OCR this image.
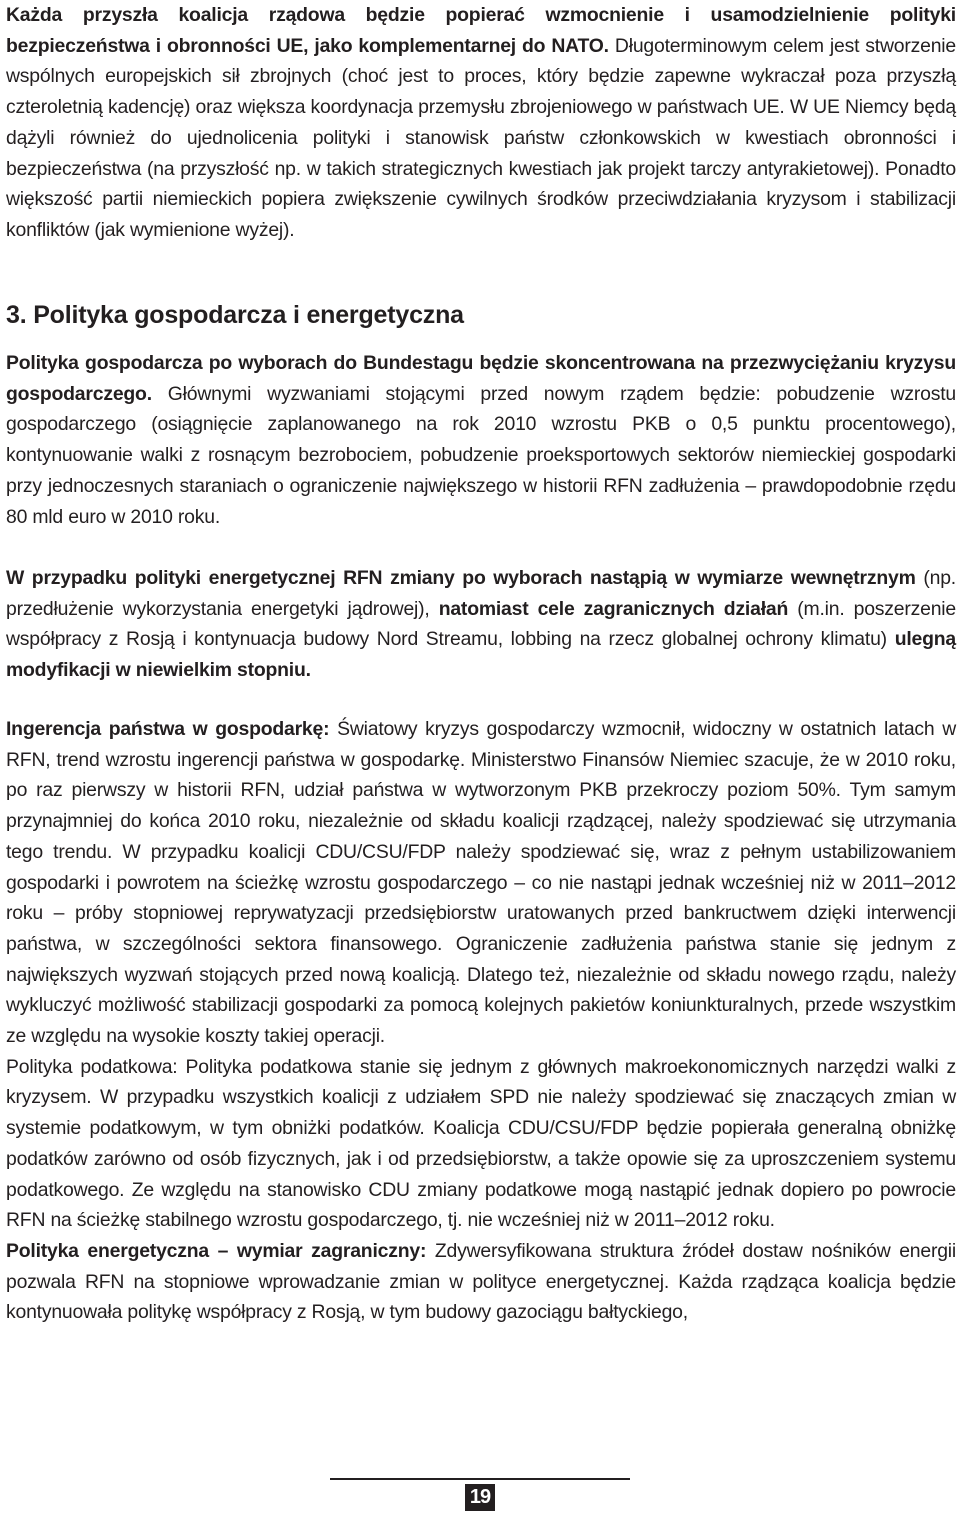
Każda przyszła koalicja rządowa będzie popierać wzmocnienie i usamodzielnienie polityki bezpieczeństwa i obronności UE, jako komplementarnej do NATO. Długoterminowym celem jest stworzenie wspólnych europejskich sił zbrojnych (choć jest to proces, który będzie zapewne wykraczał poza przyszłą czteroletnią kadencję) oraz większa koordynacja przemysłu zbrojeniowego w państwach UE. W UE Niemcy będą dążyli również do ujednolicenia polityki i stanowisk państw członkowskich w kwestiach obronności i bezpieczeństwa (na przyszłość np. w takich strategicznych kwestiach jak projekt tarczy antyrakietowej). Ponadto większość partii niemieckich popiera zwiększenie cywilnych środków przeciwdziałania kryzysom i stabilizacji konfliktów (jak wymienione wyżej).

3. Polityka gospodarcza i energetyczna

Polityka gospodarcza po wyborach do Bundestagu będzie skoncentrowana na przezwyciężaniu kryzysu gospodarczego. Głównymi wyzwaniami stojącymi przed nowym rządem będzie: pobudzenie wzrostu gospodarczego (osiągnięcie zaplanowanego na rok 2010 wzrostu PKB o 0,5 punktu procentowego), kontynuowanie walki z rosnącym bezrobociem, pobudzenie proeksportowych sektorów niemieckiej gospodarki przy jednoczesnych staraniach o ograniczenie największego w historii RFN zadłużenia – prawdopodobnie rzędu 80 mld euro w 2010 roku.

W przypadku polityki energetycznej RFN zmiany po wyborach nastąpią w wymiarze wewnętrznym (np. przedłużenie wykorzystania energetyki jądrowej), natomiast cele zagranicznych działań (m.in. poszerzenie współpracy z Rosją i kontynuacja budowy Nord Streamu, lobbing na rzecz globalnej ochrony klimatu) ulegną modyfikacji w niewielkim stopniu.

Ingerencja państwa w gospodarkę: Światowy kryzys gospodarczy wzmocnił, widoczny w ostatnich latach w RFN, trend wzrostu ingerencji państwa w gospodarkę. Ministerstwo Finansów Niemiec szacuje, że w 2010 roku, po raz pierwszy w historii RFN, udział państwa w wytworzonym PKB przekroczy poziom 50%. Tym samym przynajmniej do końca 2010 roku, niezależnie od składu koalicji rządzącej, należy spodziewać się utrzymania tego trendu. W przypadku koalicji CDU/CSU/FDP należy spodziewać się, wraz z pełnym ustabilizowaniem gospodarki i powrotem na ścieżkę wzrostu gospodarczego – co nie nastąpi jednak wcześniej niż w 2011–2012 roku – próby stopniowej reprywatyzacji przedsiębiorstw uratowanych przed bankructwem dzięki interwencji państwa, w szczególności sektora finansowego. Ograniczenie zadłużenia państwa stanie się jednym z największych wyzwań stojących przed nową koalicją. Dlatego też, niezależnie od składu nowego rządu, należy wykluczyć możliwość stabilizacji gospodarki za pomocą kolejnych pakietów koniunkturalnych, przede wszystkim ze względu na wysokie koszty takiej operacji.

Polityka podatkowa: Polityka podatkowa stanie się jednym z głównych makroekonomicznych narzędzi walki z kryzysem. W przypadku wszystkich koalicji z udziałem SPD nie należy spodziewać się znaczących zmian w systemie podatkowym, w tym obniżki podatków. Koalicja CDU/CSU/FDP będzie popierała generalną obniżkę podatków zarówno od osób fizycznych, jak i od przedsiębiorstw, a także opowie się za uproszczeniem systemu podatkowego. Ze względu na stanowisko CDU zmiany podatkowe mogą nastąpić jednak dopiero po powrocie RFN na ścieżkę stabilnego wzrostu gospodarczego, tj. nie wcześniej niż w 2011–2012 roku.

Polityka energetyczna – wymiar zagraniczny: Zdywersyfikowana struktura źródeł dostaw nośników energii pozwala RFN na stopniowe wprowadzanie zmian w polityce energetycznej. Każda rządząca koalicja będzie kontynuowała politykę współpracy z Rosją, w tym budowy gazociągu bałtyckiego,

19
